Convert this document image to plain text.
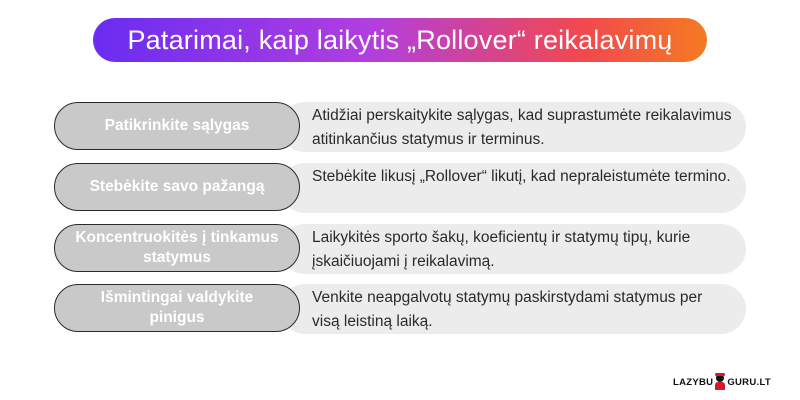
Patarimai, kaip laikytis „Rollover“ reikalavimų
Patikrinkite sąlygas
Atidžiai perskaitykite sąlygas, kad suprastumėte reikalavimus atitinkančius statymus ir terminus.
Stebėkite savo pažangą
Stebėkite likusį „Rollover“ likutį, kad nepraleistumėte termino.
Koncentruokitės į tinkamus statymus
Laikykitės sporto šakų, koeficientų ir statymų tipų, kurie įskaičiuojami į reikalavimą.
Išmintingai valdykite pinigus
Venkite neapgalvotų statymų paskirstydami statymus per visą leistiną laiką.
LAZYBU GURU.LT
